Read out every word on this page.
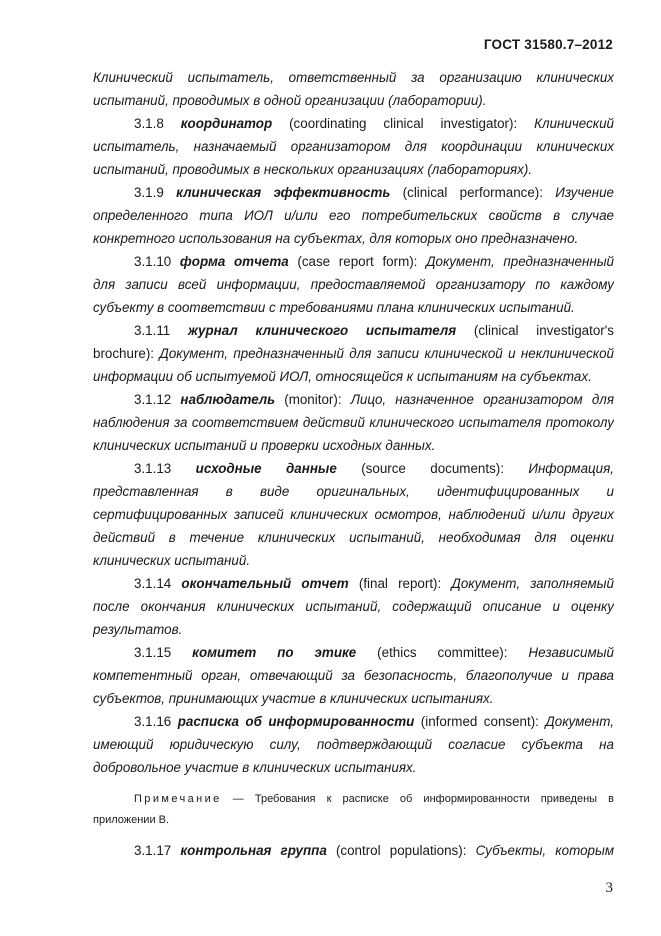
ГОСТ 31580.7–2012
Клинический испытатель, ответственный за организацию клинических
испытаний, проводимых в одной организации (лаборатории).
3.1.8 координатор (coordinating clinical investigator): Клинический
испытатель, назначаемый организатором для координации клинических
испытаний, проводимых в нескольких организациях (лабораториях).
3.1.9 клиническая эффективность (clinical performance): Изучение
определенного типа ИОЛ и/или его потребительских свойств в случае
конкретного использования на субъектах, для которых оно предназначено.
3.1.10 форма отчета (case report form): Документ, предназначенный
для записи всей информации, предоставляемой организатору по каждому
субъекту в соответствии с требованиями плана клинических испытаний.
3.1.11 журнал клинического испытателя (clinical investigator's
brochure): Документ, предназначенный для записи клинической и неклинической
информации об испытуемой ИОЛ, относящейся к испытаниям на субъектах.
3.1.12 наблюдатель (monitor): Лицо, назначенное организатором для
наблюдения за соответствием действий клинического испытателя протоколу
клинических испытаний и проверки исходных данных.
3.1.13 исходные данные (source documents): Информация,
представленная в виде оригинальных, идентифицированных и
сертифицированных записей клинических осмотров, наблюдений и/или других
действий в течение клинических испытаний, необходимая для оценки
клинических испытаний.
3.1.14 окончательный отчет (final report): Документ, заполняемый
после окончания клинических испытаний, содержащий описание и оценку
результатов.
3.1.15 комитет по этике (ethics committee): Независимый
компетентный орган, отвечающий за безопасность, благополучие и права
субъектов, принимающих участие в клинических испытаниях.
3.1.16 расписка об информированности (informed consent): Документ,
имеющий юридическую силу, подтверждающий согласие субъекта на
добровольное участие в клинических испытаниях.
Примечание — Требования к расписке об информированности приведены в
приложении В.
3.1.17 контрольная группа (control populations): Субъекты, которым
3
